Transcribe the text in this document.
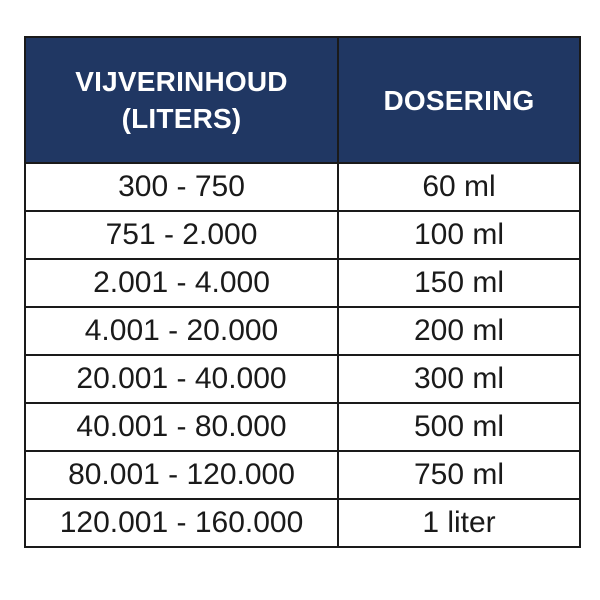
VIJVERINHOUD
(LITERS)	DOSERING
300 - 750	60 ml
751 - 2.000	100 ml
2.001 - 4.000	150 ml
4.001 - 20.000	200 ml
20.001 - 40.000	300 ml
40.001 - 80.000	500 ml
80.001 - 120.000	750 ml
120.001 - 160.000	1 liter
